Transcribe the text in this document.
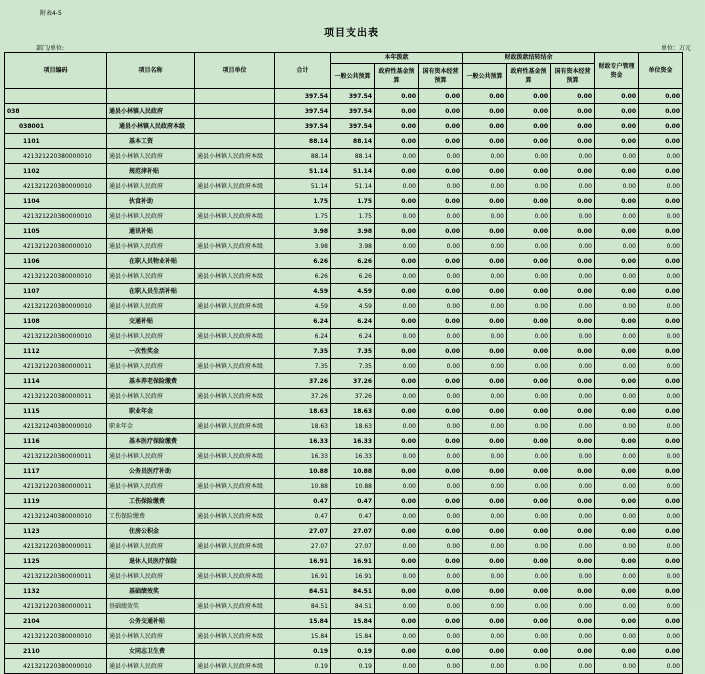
附表4-5
项目支出表
部门/单位:	单位：万元
项目编码	项目名称	项目单位	合计	本年拨款			财政拨款结转结余			财政专户管理资金	单位资金
				一般公共预算	政府性基金预算	国有资本经营预算	一般公共预算	政府性基金预算	国有资本经营预算		
			397.54	397.54	0.00	0.00	0.00	0.00	0.00	0.00	0.00
038	通县小林镇人民政府		397.54	397.54	0.00	0.00	0.00	0.00	0.00	0.00	0.00
038001	通县小林镇人民政府本级		397.54	397.54	0.00	0.00	0.00	0.00	0.00	0.00	0.00
1101	基本工资		88.14	88.14	0.00	0.00	0.00	0.00	0.00	0.00	0.00
421321220380000010	通县小林镇人民政府	通县小林镇人民政府本级	88.14	88.14	0.00	0.00	0.00	0.00	0.00	0.00	0.00
1102	规范津补贴		51.14	51.14	0.00	0.00	0.00	0.00	0.00	0.00	0.00
421321220380000010	通县小林镇人民政府	通县小林镇人民政府本级	51.14	51.14	0.00	0.00	0.00	0.00	0.00	0.00	0.00
1104	伙食补助		1.75	1.75	0.00	0.00	0.00	0.00	0.00	0.00	0.00
421321220380000010	通县小林镇人民政府	通县小林镇人民政府本级	1.75	1.75	0.00	0.00	0.00	0.00	0.00	0.00	0.00
1105	通讯补贴		3.98	3.98	0.00	0.00	0.00	0.00	0.00	0.00	0.00
421321220380000010	通县小林镇人民政府	通县小林镇人民政府本级	3.98	3.98	0.00	0.00	0.00	0.00	0.00	0.00	0.00
1106	在职人员物业补贴		6.26	6.26	0.00	0.00	0.00	0.00	0.00	0.00	0.00
421321220380000010	通县小林镇人民政府	通县小林镇人民政府本级	6.26	6.26	0.00	0.00	0.00	0.00	0.00	0.00	0.00
1107	在职人员生活补贴		4.59	4.59	0.00	0.00	0.00	0.00	0.00	0.00	0.00
421321220380000010	通县小林镇人民政府	通县小林镇人民政府本级	4.59	4.59	0.00	0.00	0.00	0.00	0.00	0.00	0.00
1108	交通补贴		6.24	6.24	0.00	0.00	0.00	0.00	0.00	0.00	0.00
421321220380000010	通县小林镇人民政府	通县小林镇人民政府本级	6.24	6.24	0.00	0.00	0.00	0.00	0.00	0.00	0.00
1112	一次性奖金		7.35	7.35	0.00	0.00	0.00	0.00	0.00	0.00	0.00
421321220380000011	通县小林镇人民政府	通县小林镇人民政府本级	7.35	7.35	0.00	0.00	0.00	0.00	0.00	0.00	0.00
1114	基本养老保险缴费		37.26	37.26	0.00	0.00	0.00	0.00	0.00	0.00	0.00
421321220380000011	通县小林镇人民政府	通县小林镇人民政府本级	37.26	37.26	0.00	0.00	0.00	0.00	0.00	0.00	0.00
1115	职业年金		18.63	18.63	0.00	0.00	0.00	0.00	0.00	0.00	0.00
421321240380000010	职业年金	通县小林镇人民政府本级	18.63	18.63	0.00	0.00	0.00	0.00	0.00	0.00	0.00
1116	基本医疗保险缴费		16.33	16.33	0.00	0.00	0.00	0.00	0.00	0.00	0.00
421321220380000011	通县小林镇人民政府	通县小林镇人民政府本级	16.33	16.33	0.00	0.00	0.00	0.00	0.00	0.00	0.00
1117	公务员医疗补助		10.88	10.88	0.00	0.00	0.00	0.00	0.00	0.00	0.00
421321220380000011	通县小林镇人民政府	通县小林镇人民政府本级	10.88	10.88	0.00	0.00	0.00	0.00	0.00	0.00	0.00
1119	工伤保险缴费		0.47	0.47	0.00	0.00	0.00	0.00	0.00	0.00	0.00
421321240380000010	工伤保险缴费	通县小林镇人民政府本级	0.47	0.47	0.00	0.00	0.00	0.00	0.00	0.00	0.00
1123	住房公积金		27.07	27.07	0.00	0.00	0.00	0.00	0.00	0.00	0.00
421321220380000011	通县小林镇人民政府	通县小林镇人民政府本级	27.07	27.07	0.00	0.00	0.00	0.00	0.00	0.00	0.00
1125	退休人员医疗保险		16.91	16.91	0.00	0.00	0.00	0.00	0.00	0.00	0.00
421321220380000011	通县小林镇人民政府	通县小林镇人民政府本级	16.91	16.91	0.00	0.00	0.00	0.00	0.00	0.00	0.00
1132	基础绩效奖		84.51	84.51	0.00	0.00	0.00	0.00	0.00	0.00	0.00
421321220380000011	基础绩效奖	通县小林镇人民政府本级	84.51	84.51	0.00	0.00	0.00	0.00	0.00	0.00	0.00
2104	公务交通补贴		15.84	15.84	0.00	0.00	0.00	0.00	0.00	0.00	0.00
421321220380000010	通县小林镇人民政府	通县小林镇人民政府本级	15.84	15.84	0.00	0.00	0.00	0.00	0.00	0.00	0.00
2110	女同志卫生费		0.19	0.19	0.00	0.00	0.00	0.00	0.00	0.00	0.00
421321220380000010	通县小林镇人民政府	通县小林镇人民政府本级	0.19	0.19	0.00	0.00	0.00	0.00	0.00	0.00	0.00
